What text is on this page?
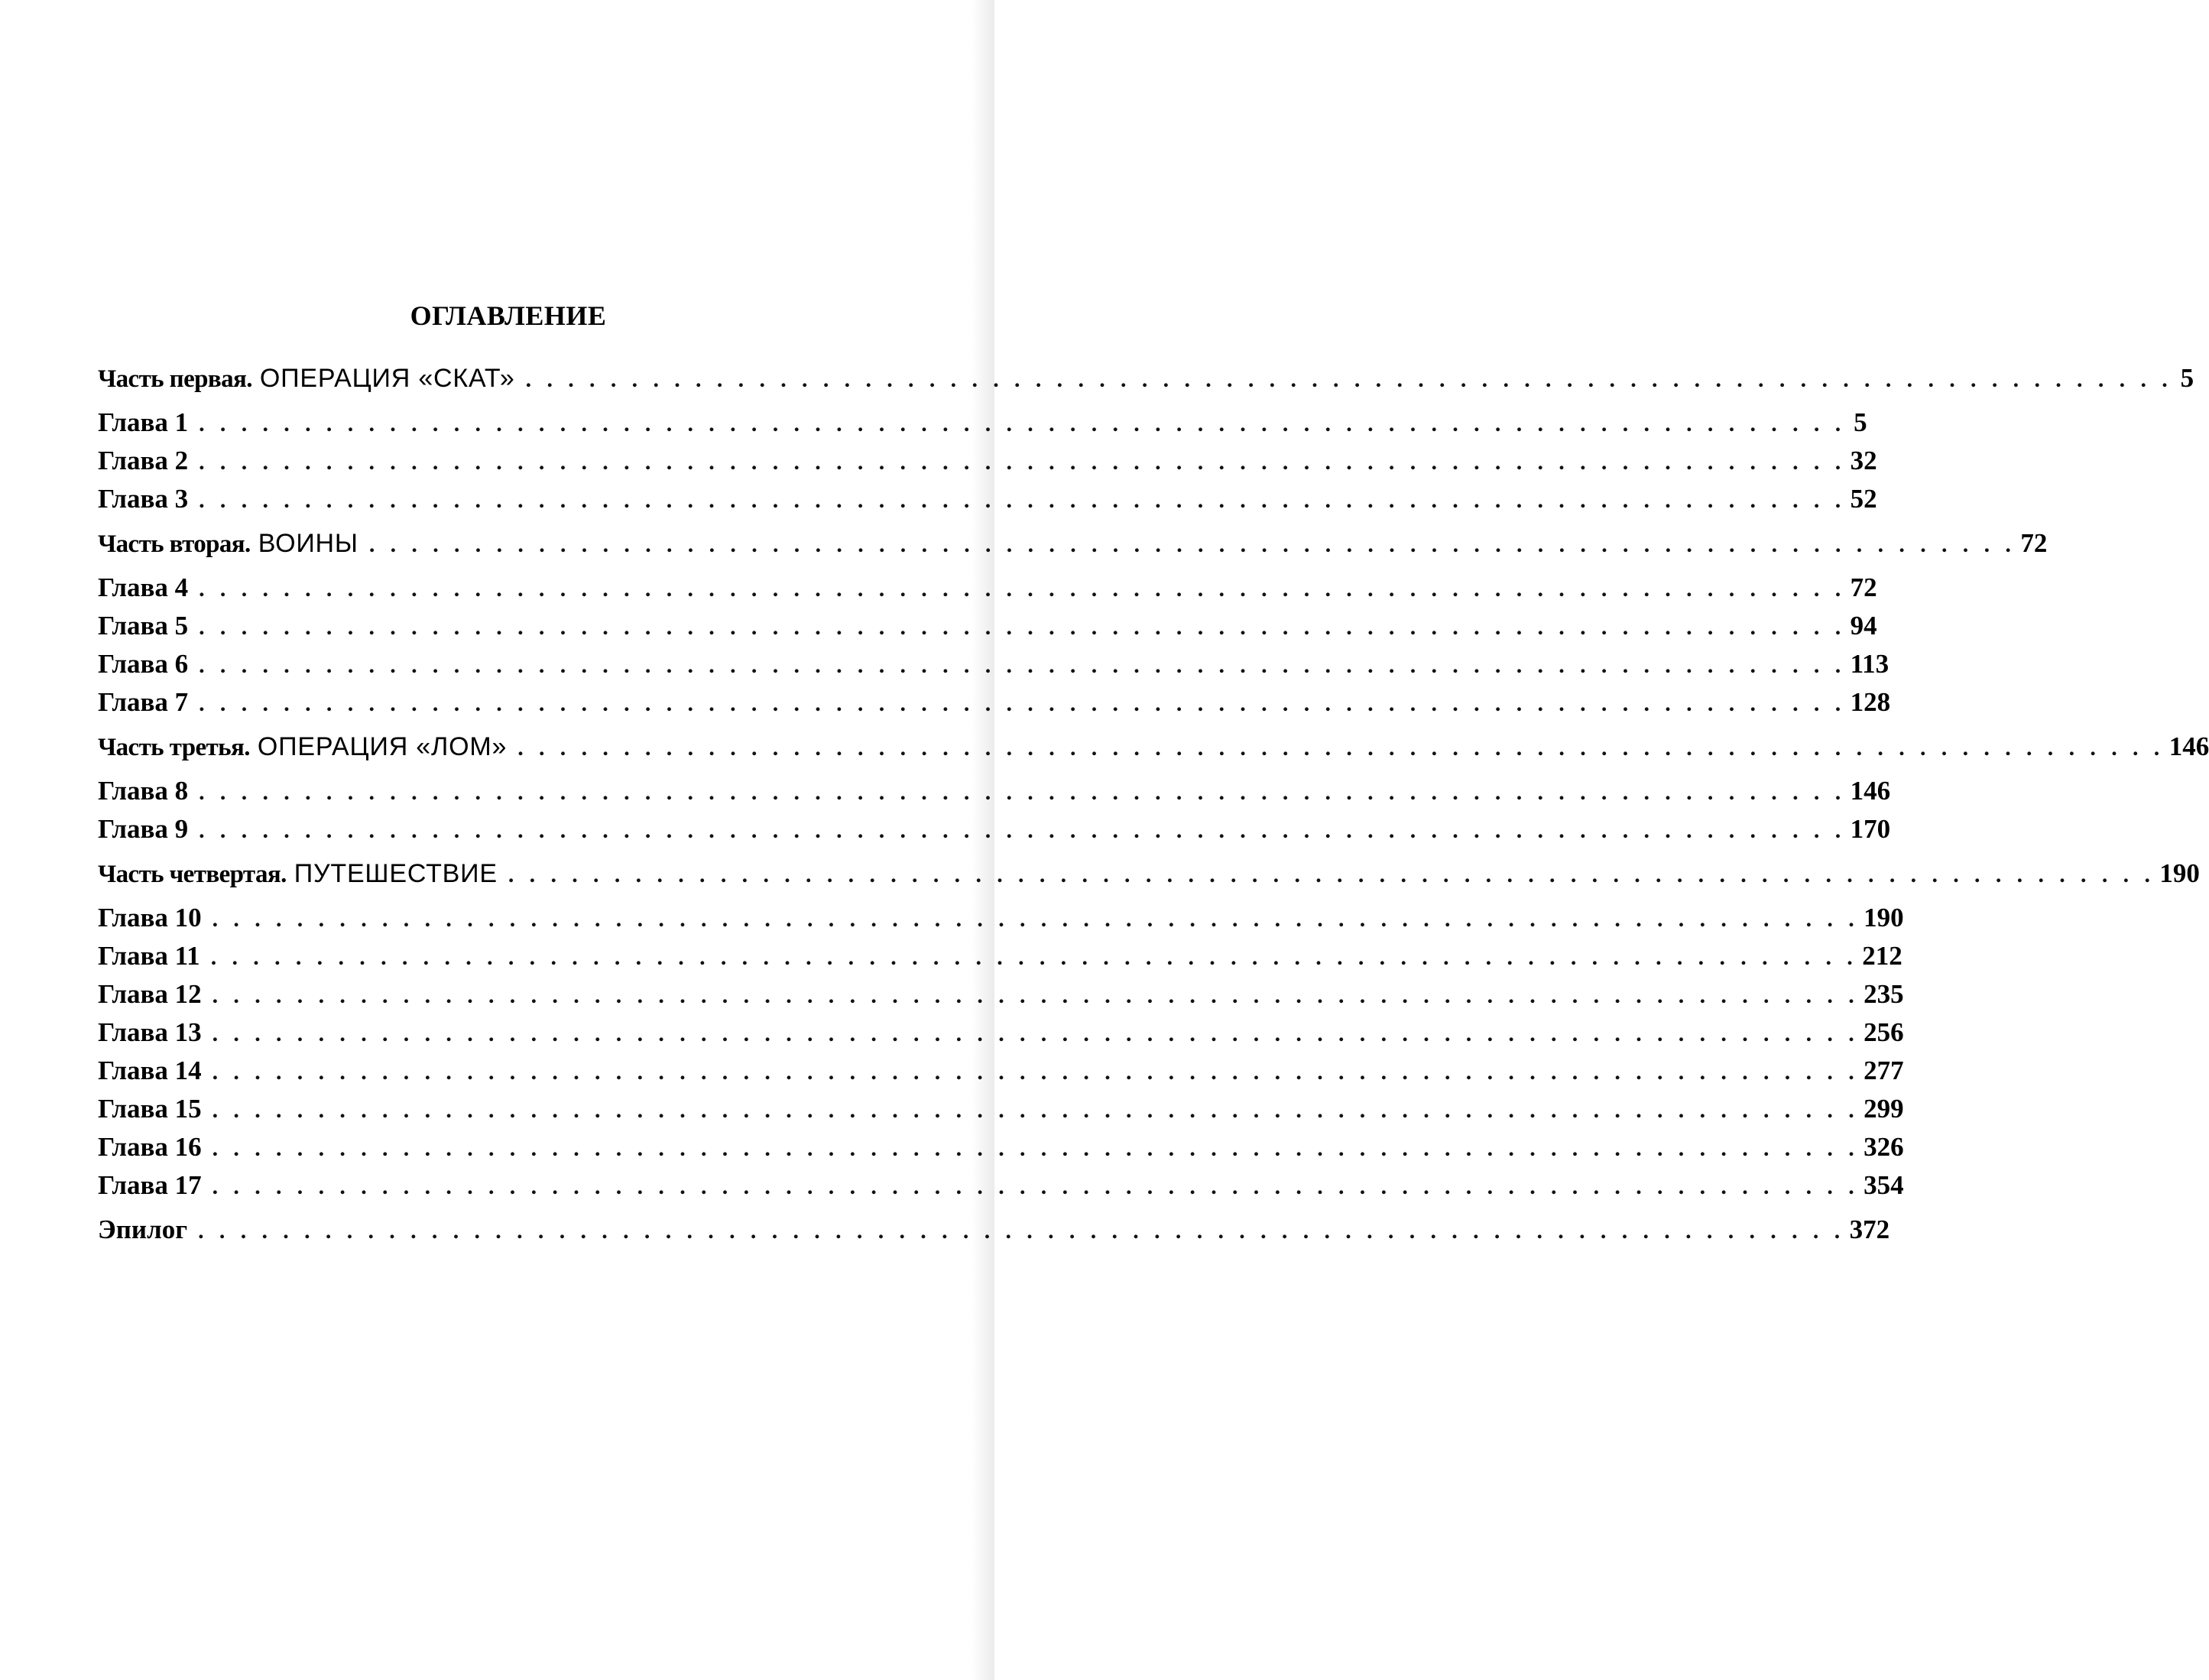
ОГЛАВЛЕНИЕ
Часть первая. ОПЕРАЦИЯ «СКАТ» . . . . . . . . . . . . . . . . . . . . . . . . . . . . . . . . . . . . . . . . . . . . . . . . . . . . . . . . . . . . . . . . . . . . . . . . . . . . . . 5
Глава 1 . . . . . . . . . . . . . . . . . . . . . . . . . . . . . . . . . . . . . . . . . . . . . . . . . . . . . . . . . . . . . . . . . . . . . . . . . . . . . . 5
Глава 2 . . . . . . . . . . . . . . . . . . . . . . . . . . . . . . . . . . . . . . . . . . . . . . . . . . . . . . . . . . . . . . . . . . . . . . . . . . . . . . 32
Глава 3 . . . . . . . . . . . . . . . . . . . . . . . . . . . . . . . . . . . . . . . . . . . . . . . . . . . . . . . . . . . . . . . . . . . . . . . . . . . . . . 52
Часть вторая. ВОИНЫ . . . . . . . . . . . . . . . . . . . . . . . . . . . . . . . . . . . . . . . . . . . . . . . . . . . . . . . . . . . . . . . . . . . . . . . . . . . . . . 72
Глава 4 . . . . . . . . . . . . . . . . . . . . . . . . . . . . . . . . . . . . . . . . . . . . . . . . . . . . . . . . . . . . . . . . . . . . . . . . . . . . . . 72
Глава 5 . . . . . . . . . . . . . . . . . . . . . . . . . . . . . . . . . . . . . . . . . . . . . . . . . . . . . . . . . . . . . . . . . . . . . . . . . . . . . . 94
Глава 6 . . . . . . . . . . . . . . . . . . . . . . . . . . . . . . . . . . . . . . . . . . . . . . . . . . . . . . . . . . . . . . . . . . . . . . . . . . . . . . 113
Глава 7 . . . . . . . . . . . . . . . . . . . . . . . . . . . . . . . . . . . . . . . . . . . . . . . . . . . . . . . . . . . . . . . . . . . . . . . . . . . . . . 128
Часть третья. ОПЕРАЦИЯ «ЛОМ» . . . . . . . . . . . . . . . . . . . . . . . . . . . . . . . . . . . . . . . . . . . . . . . . . . . . . . . . . . . . . . . . . . . . . . . . . . . . . . 146
Глава 8 . . . . . . . . . . . . . . . . . . . . . . . . . . . . . . . . . . . . . . . . . . . . . . . . . . . . . . . . . . . . . . . . . . . . . . . . . . . . . . 146
Глава 9 . . . . . . . . . . . . . . . . . . . . . . . . . . . . . . . . . . . . . . . . . . . . . . . . . . . . . . . . . . . . . . . . . . . . . . . . . . . . . . 170
Часть четвертая. ПУТЕШЕСТВИЕ . . . . . . . . . . . . . . . . . . . . . . . . . . . . . . . . . . . . . . . . . . . . . . . . . . . . . . . . . . . . . . . . . . . . . . . . . . . . . . 190
Глава 10 . . . . . . . . . . . . . . . . . . . . . . . . . . . . . . . . . . . . . . . . . . . . . . . . . . . . . . . . . . . . . . . . . . . . . . . . . . . . . . 190
Глава 11 . . . . . . . . . . . . . . . . . . . . . . . . . . . . . . . . . . . . . . . . . . . . . . . . . . . . . . . . . . . . . . . . . . . . . . . . . . . . . . 212
Глава 12 . . . . . . . . . . . . . . . . . . . . . . . . . . . . . . . . . . . . . . . . . . . . . . . . . . . . . . . . . . . . . . . . . . . . . . . . . . . . . . 235
Глава 13 . . . . . . . . . . . . . . . . . . . . . . . . . . . . . . . . . . . . . . . . . . . . . . . . . . . . . . . . . . . . . . . . . . . . . . . . . . . . . . 256
Глава 14 . . . . . . . . . . . . . . . . . . . . . . . . . . . . . . . . . . . . . . . . . . . . . . . . . . . . . . . . . . . . . . . . . . . . . . . . . . . . . . 277
Глава 15 . . . . . . . . . . . . . . . . . . . . . . . . . . . . . . . . . . . . . . . . . . . . . . . . . . . . . . . . . . . . . . . . . . . . . . . . . . . . . . 299
Глава 16 . . . . . . . . . . . . . . . . . . . . . . . . . . . . . . . . . . . . . . . . . . . . . . . . . . . . . . . . . . . . . . . . . . . . . . . . . . . . . . 326
Глава 17 . . . . . . . . . . . . . . . . . . . . . . . . . . . . . . . . . . . . . . . . . . . . . . . . . . . . . . . . . . . . . . . . . . . . . . . . . . . . . . 354
Эпилог . . . . . . . . . . . . . . . . . . . . . . . . . . . . . . . . . . . . . . . . . . . . . . . . . . . . . . . . . . . . . . . . . . . . . . . . . . . . . . 372
